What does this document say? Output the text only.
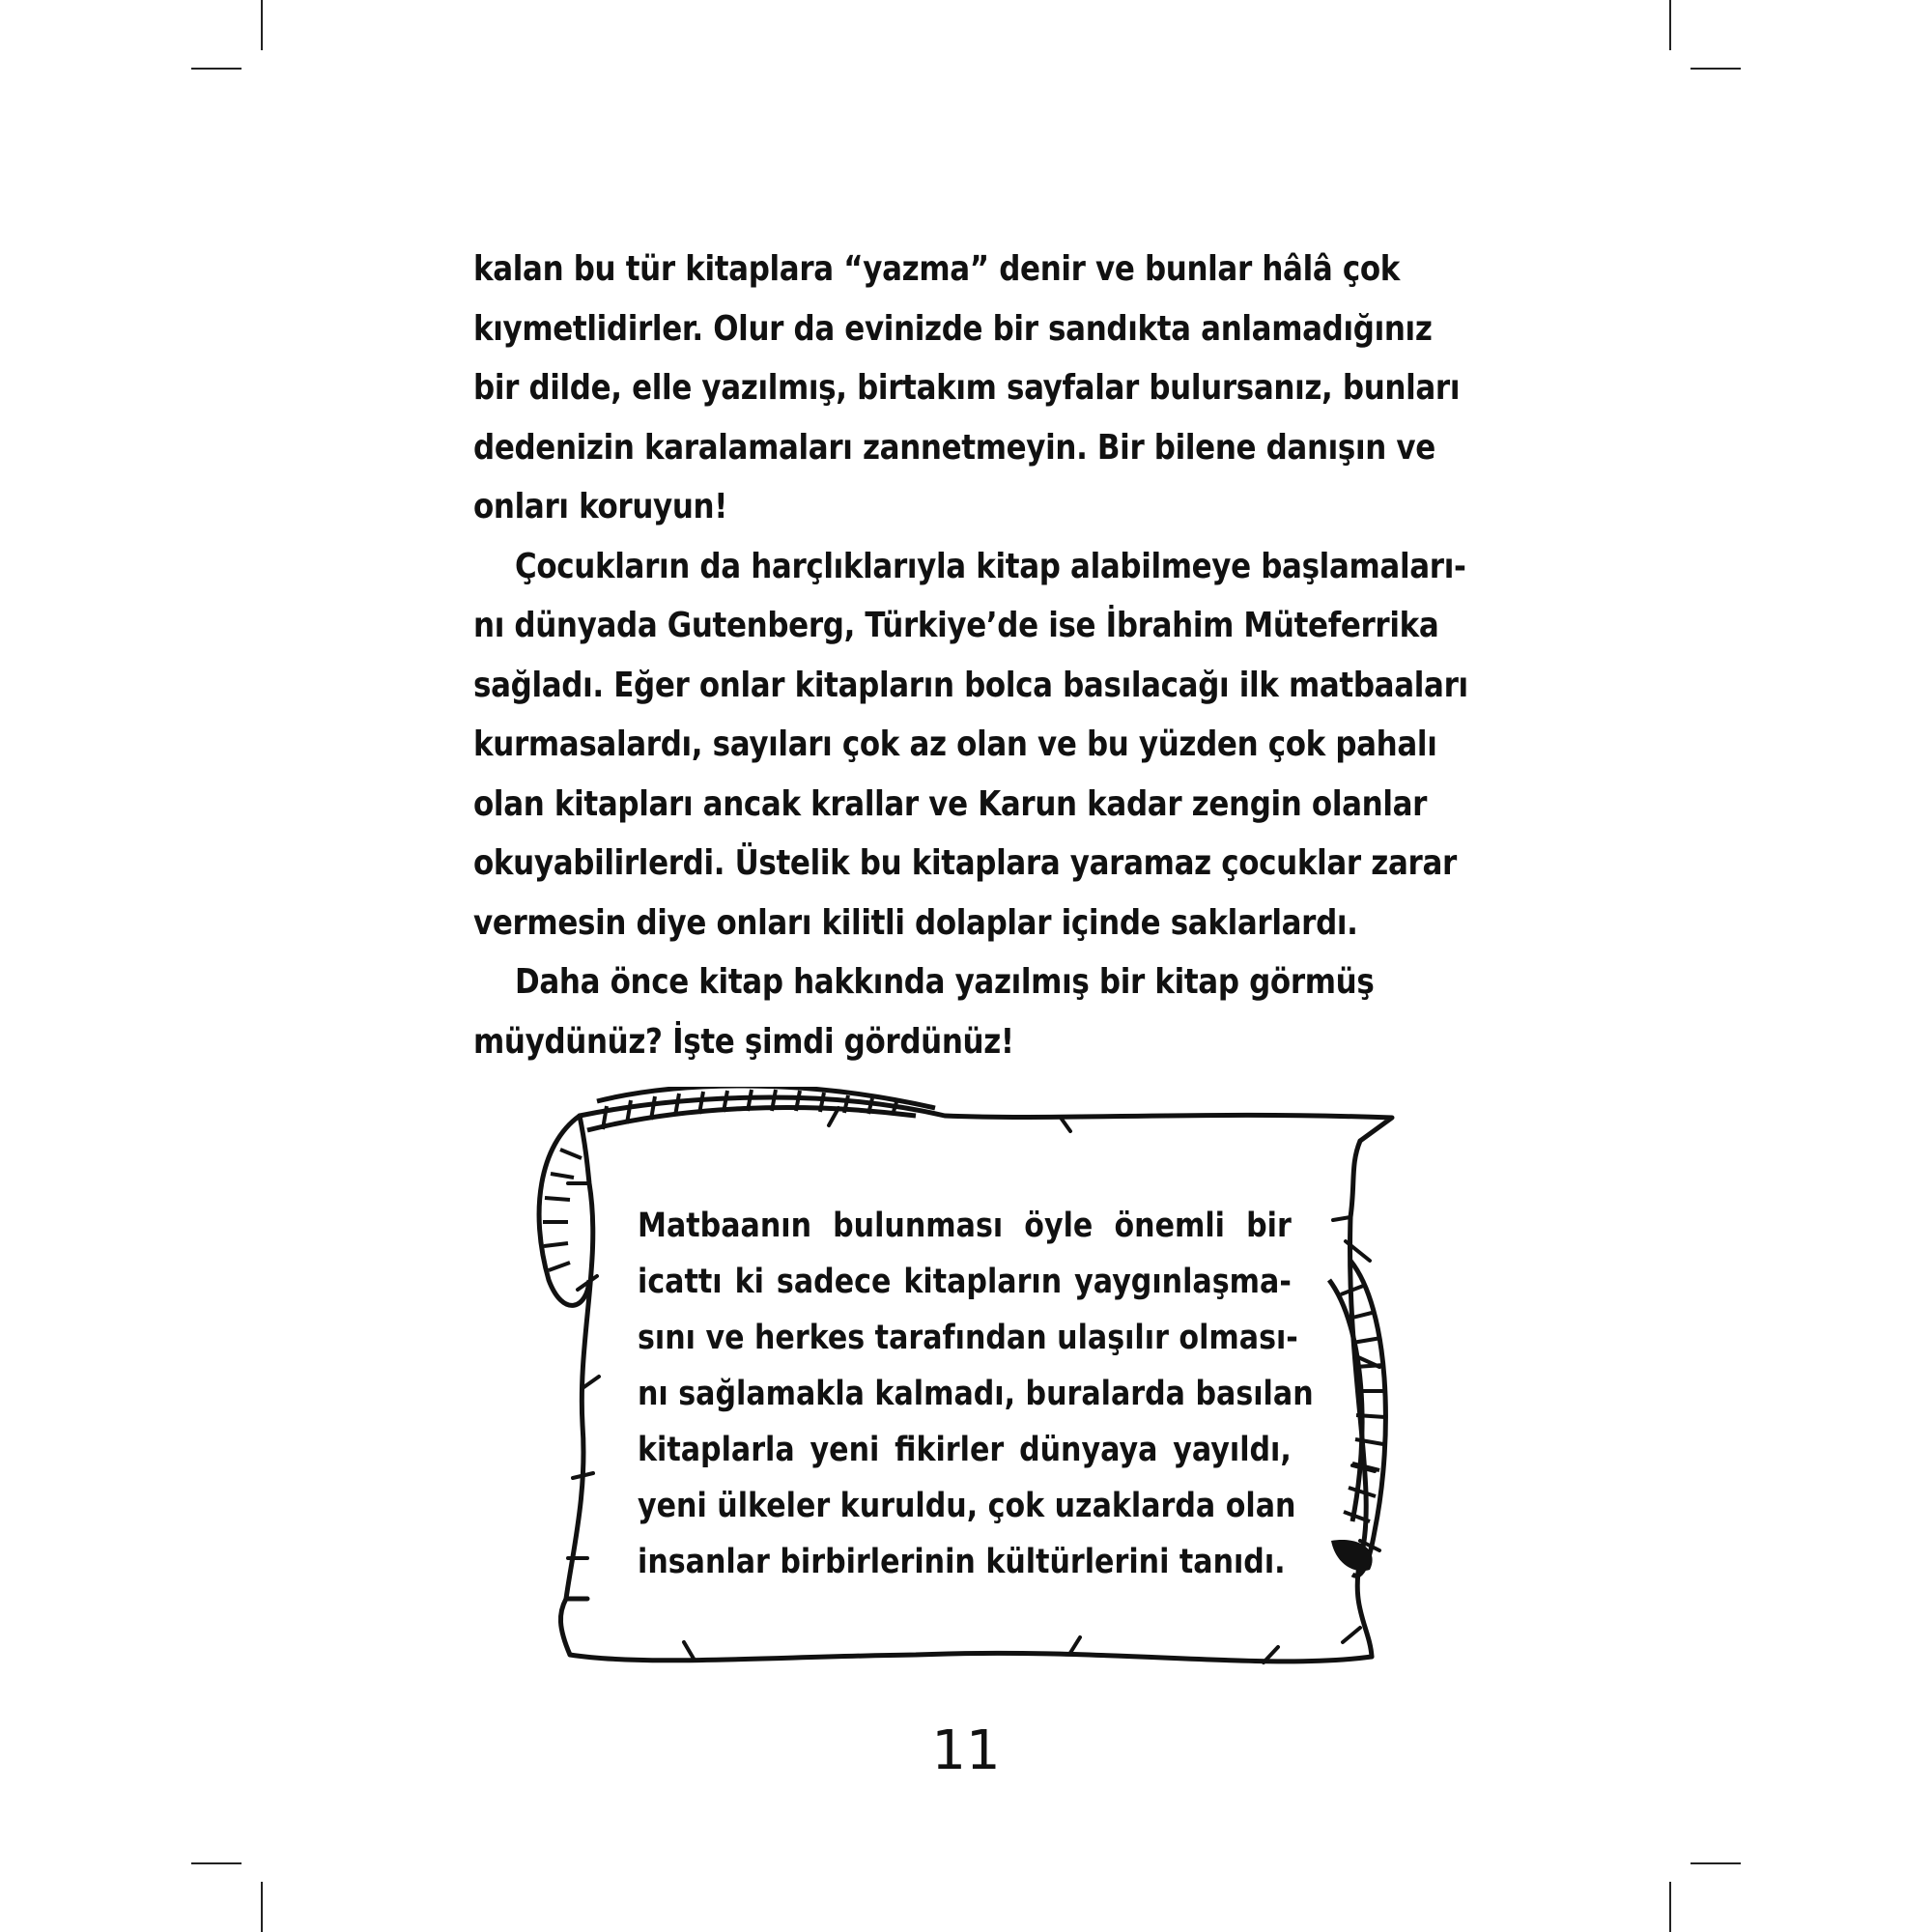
kalan bu tür kitaplara “yazma” denir ve bunlar hâlâ çok
kıymetlidirler. Olur da evinizde bir sandıkta anlamadığınız
bir dilde, elle yazılmış, birtakım sayfalar bulursanız, bunları
dedenizin karalamaları zannetmeyin. Bir bilene danışın ve
onları koruyun!

Çocukların da harçlıklarıyla kitap alabilmeye başlamaları-
nı dünyada Gutenberg, Türkiye’de ise İbrahim Müteferrika
sağladı. Eğer onlar kitapların bolca basılacağı ilk matbaaları
kurmasalardı, sayıları çok az olan ve bu yüzden çok pahalı
olan kitapları ancak krallar ve Karun kadar zengin olanlar
okuyabilirlerdi. Üstelik bu kitaplara yaramaz çocuklar zarar
vermesin diye onları kilitli dolaplar içinde saklarlardı.

Daha önce kitap hakkında yazılmış bir kitap görmüş
müydünüz? İşte şimdi gördünüz!

Matbaanın bulunması öyle önemli bir
icattı ki sadece kitapların yaygınlaşma-
sını ve herkes tarafından ulaşılır olması-
nı sağlamakla kalmadı, buralarda basılan
kitaplarla yeni fikirler dünyaya yayıldı,
yeni ülkeler kuruldu, çok uzaklarda olan
insanlar birbirlerinin kültürlerini tanıdı.
11
